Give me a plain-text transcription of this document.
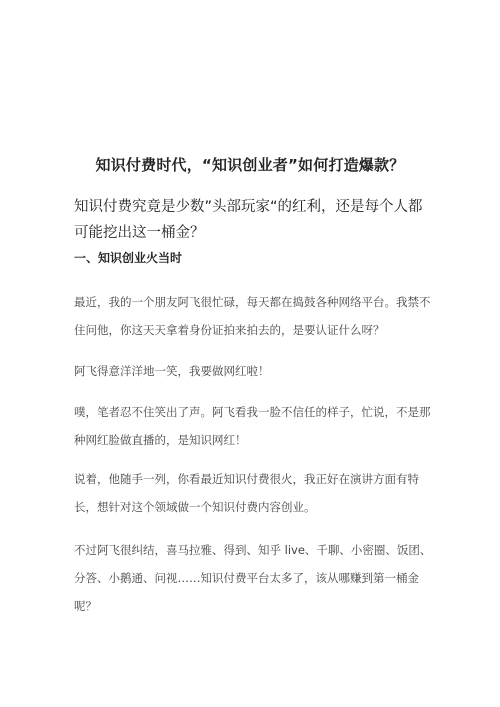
知识付费时代，“知识创业者”如何打造爆款？

知识付费究竟是少数”头部玩家“的红利，还是每个人都可能挖出这一桶金？

一、知识创业火当时

最近，我的一个朋友阿飞很忙碌，每天都在捣鼓各种网络平台。我禁不住问他，你这天天拿着身份证拍来拍去的，是要认证什么呀？

阿飞得意洋洋地一笑，我要做网红啦！

噗，笔者忍不住笑出了声。阿飞看我一脸不信任的样子，忙说，不是那种网红脸做直播的，是知识网红！

说着，他随手一列，你看最近知识付费很火，我正好在演讲方面有特长，想针对这个领域做一个知识付费内容创业。

不过阿飞很纠结，喜马拉雅、得到、知乎 live、千聊、小密圈、饭团、分答、小鹅通、问视……知识付费平台太多了，该从哪赚到第一桶金呢？
